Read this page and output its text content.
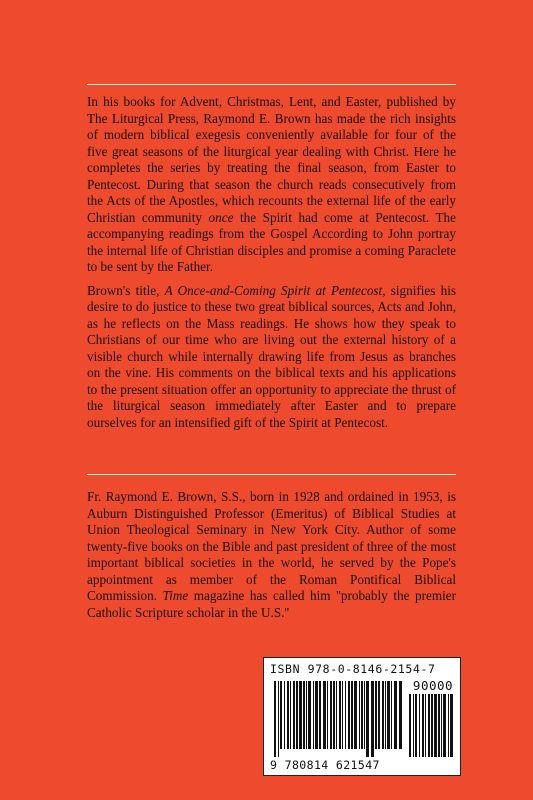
In his books for Advent, Christmas, Lent, and Easter, published by The Liturgical Press, Raymond E. Brown has made the rich insights of modern biblical exegesis conveniently available for four of the five great seasons of the liturgical year dealing with Christ. Here he completes the series by treating the final season, from Easter to Pentecost. During that season the church reads consecutively from the Acts of the Apostles, which recounts the external life of the early Christian community once the Spirit had come at Pentecost. The accompanying readings from the Gospel According to John portray the internal life of Christian disciples and promise a coming Paraclete to be sent by the Father.

Brown's title, A Once-and-Coming Spirit at Pentecost, signifies his desire to do justice to these two great biblical sources, Acts and John, as he reflects on the Mass readings. He shows how they speak to Christians of our time who are living out the external history of a visible church while internally drawing life from Jesus as branches on the vine. His comments on the biblical texts and his applications to the present situation offer an opportunity to appreciate the thrust of the liturgical season immediately after Easter and to prepare ourselves for an intensified gift of the Spirit at Pentecost.

Fr. Raymond E. Brown, S.S., born in 1928 and ordained in 1953, is Auburn Distinguished Professor (Emeritus) of Biblical Studies at Union Theological Seminary in New York City. Author of some twenty-five books on the Bible and past president of three of the most important biblical societies in the world, he served by the Pope's appointment as member of the Roman Pontifical Biblical Commission. Time magazine has called him ''probably the premier Catholic Scripture scholar in the U.S.''

ISBN 978-0-8146-2154-7
90000
9 780814 621547
